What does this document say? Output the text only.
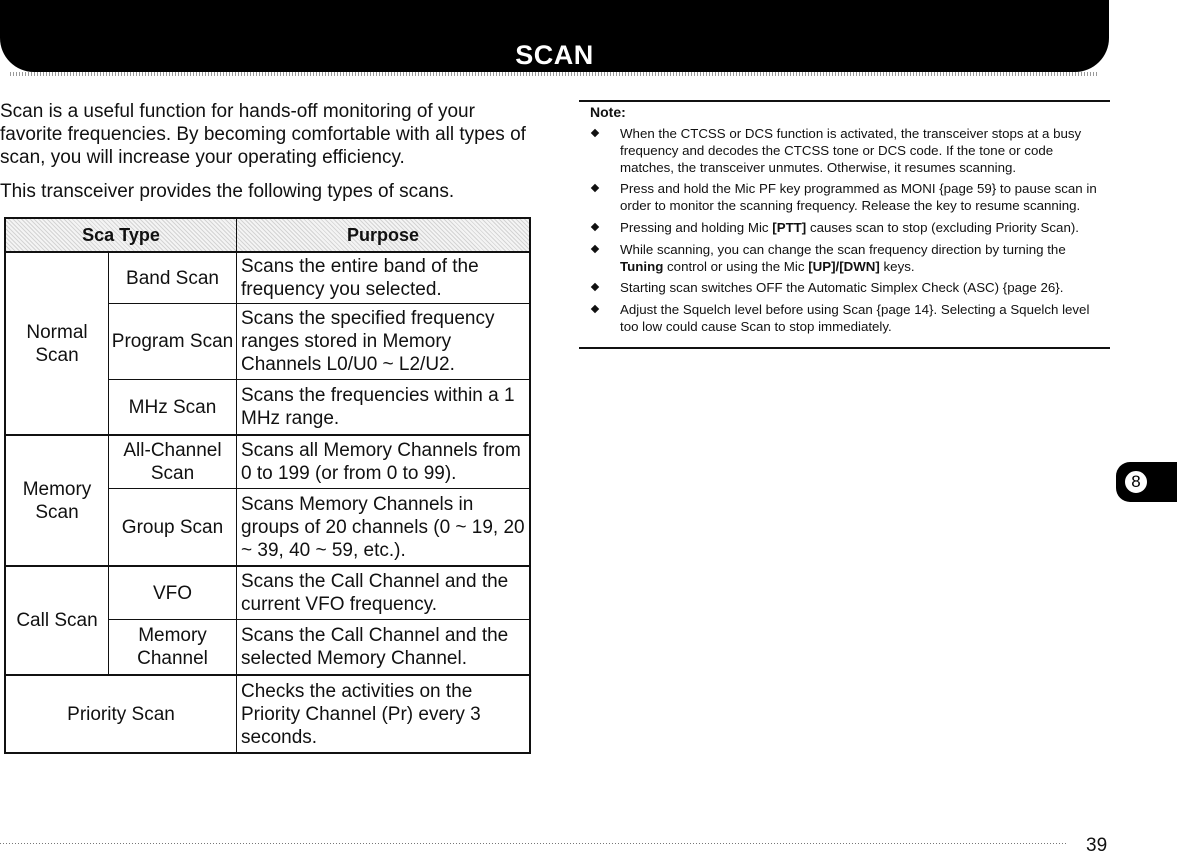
SCAN

Scan is a useful function for hands-off monitoring of your favorite frequencies. By becoming comfortable with all types of scan, you will increase your operating efficiency.

This transceiver provides the following types of scans.

Sca Type		Purpose
Normal Scan	Band Scan	Scans the entire band of the frequency you selected.
	Program Scan	Scans the specified frequency ranges stored in Memory Channels L0/U0 ~ L2/U2.
	MHz Scan	Scans the frequencies within a 1 MHz range.
Memory Scan	All-Channel Scan	Scans all Memory Channels from 0 to 199 (or from 0 to 99).
	Group Scan	Scans Memory Channels in groups of 20 channels (0 ~ 19, 20 ~ 39, 40 ~ 59, etc.).
Call Scan	VFO	Scans the Call Channel and the current VFO frequency.
	Memory Channel	Scans the Call Channel and the selected Memory Channel.
Priority Scan		Checks the activities on the Priority Channel (Pr) every 3 seconds.
Note:
When the CTCSS or DCS function is activated, the transceiver stops at a busy frequency and decodes the CTCSS tone or DCS code. If the tone or code matches, the transceiver unmutes. Otherwise, it resumes scanning.
Press and hold the Mic PF key programmed as MONI {page 59} to pause scan in order to monitor the scanning frequency. Release the key to resume scanning.
Pressing and holding Mic [PTT] causes scan to stop (excluding Priority Scan).
While scanning, you can change the scan frequency direction by turning the Tuning control or using the Mic [UP]/[DWN] keys.
Starting scan switches OFF the Automatic Simplex Check (ASC) {page 26}.
Adjust the Squelch level before using Scan {page 14}. Selecting a Squelch level too low could cause Scan to stop immediately.
8
39
